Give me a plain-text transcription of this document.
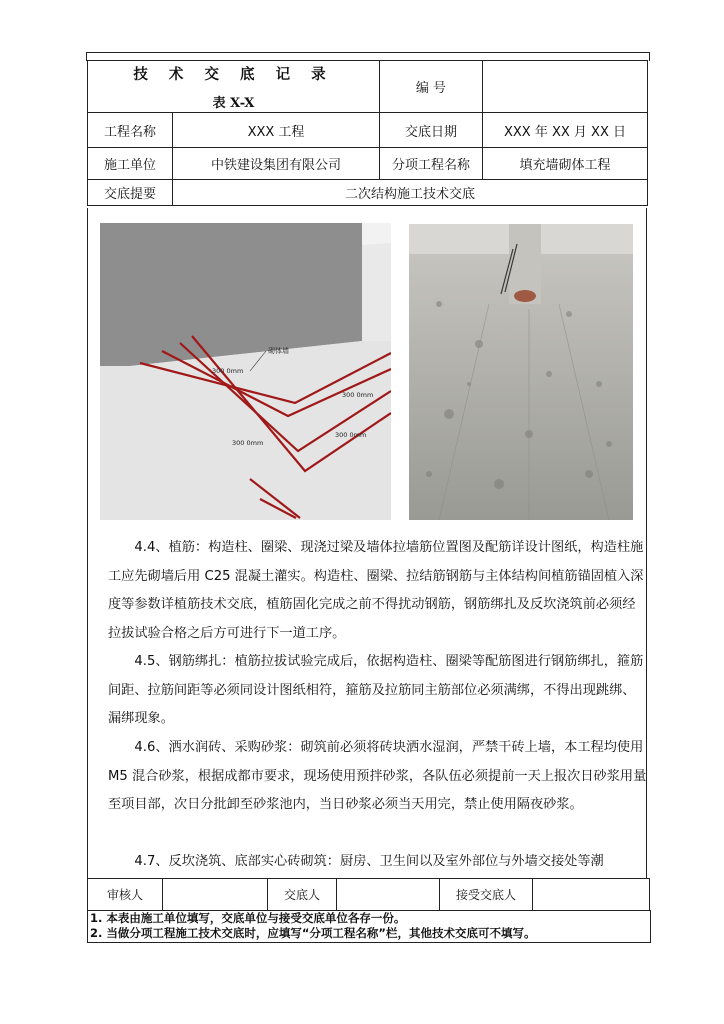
技 术 交 底 记 录
表 X-X		编 号	
工程名称	XXX 工程	交底日期	XXX 年 XX 月 XX 日
施工单位	中铁建设集团有限公司	分项工程名称	填充墙砌体工程
交底提要	二次结构施工技术交底		
砌体墙
300 0mm
300 0mm
300 0mm
300 0mm

4.4、植筋：构造柱、圈梁、现浇过梁及墙体拉墙筋位置图及配筋详设计图纸，构造柱施工应先砌墙后用 C25 混凝土灌实。构造柱、圈梁、拉结筋钢筋与主体结构间植筋锚固植入深度等参数详植筋技术交底，植筋固化完成之前不得扰动钢筋，钢筋绑扎及反坎浇筑前必须经拉拔试验合格之后方可进行下一道工序。

4.5、钢筋绑扎：植筋拉拔试验完成后，依据构造柱、圈梁等配筋图进行钢筋绑扎，箍筋间距、拉筋间距等必须同设计图纸相符，箍筋及拉筋同主筋部位必须满绑，不得出现跳绑、漏绑现象。

4.6、洒水润砖、采购砂浆：砌筑前必须将砖块洒水湿润，严禁干砖上墙，本工程均使用 M5 混合砂浆，根据成都市要求，现场使用预拌砂浆，各队伍必须提前一天上报次日砂浆用量至项目部，次日分批卸至砂浆池内，当日砂浆必须当天用完，禁止使用隔夜砂浆。

4.7、反坎浇筑、底部实心砖砌筑：厨房、卫生间以及室外部位与外墙交接处等潮

审核人		交底人		接受交底人	
1. 本表由施工单位填写，交底单位与接受交底单位各存一份。
2. 当做分项工程施工技术交底时，应填写“分项工程名称”栏，其他技术交底可不填写。
